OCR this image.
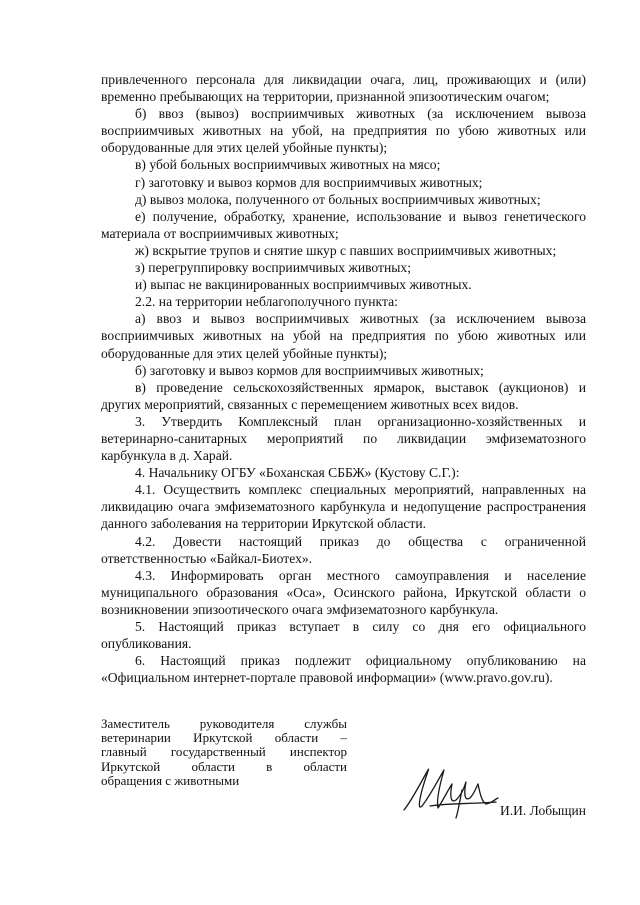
привлеченного персонала для ликвидации очага, лиц, проживающих и (или) временно пребывающих на территории, признанной эпизоотическим очагом;

б) ввоз (вывоз) восприимчивых животных (за исключением вывоза восприимчивых животных на убой, на предприятия по убою животных или оборудованные для этих целей убойные пункты);

в) убой больных восприимчивых животных на мясо;

г) заготовку и вывоз кормов для восприимчивых животных;

д) вывоз молока, полученного от больных восприимчивых животных;

е) получение, обработку, хранение, использование и вывоз генетического материала от восприимчивых животных;

ж) вскрытие трупов и снятие шкур с павших восприимчивых животных;

з) перегруппировку восприимчивых животных;

и) выпас не вакцинированных восприимчивых животных.

2.2. на территории неблагополучного пункта:

а) ввоз и вывоз восприимчивых животных (за исключением вывоза восприимчивых животных на убой на предприятия по убою животных или оборудованные для этих целей убойные пункты);

б) заготовку и вывоз кормов для восприимчивых животных;

в) проведение сельскохозяйственных ярмарок, выставок (аукционов) и других мероприятий, связанных с перемещением животных всех видов.

3. Утвердить Комплексный план организационно-хозяйственных и ветеринарно-санитарных мероприятий по ликвидации эмфизематозного карбункула в д. Харай.

4. Начальнику ОГБУ «Боханская СББЖ» (Кустову С.Г.):

4.1. Осуществить комплекс специальных мероприятий, направленных на ликвидацию очага эмфизематозного карбункула и недопущение распространения данного заболевания на территории Иркутской области.

4.2. Довести настоящий приказ до общества с ограниченной ответственностью «Байкал-Биотех».

4.3. Информировать орган местного самоуправления и население муниципального образования «Оса», Осинского района, Иркутской области о возникновении эпизоотического очага эмфизематозного карбункула.

5. Настоящий приказ вступает в силу со дня его официального опубликования.

6. Настоящий приказ подлежит официальному опубликованию на «Официальном интернет-портале правовой информации» (www.pravo.gov.ru).

Заместитель руководителя службы

ветеринарии Иркутской области –

главный государственный инспектор

Иркутской области в области

обращения с животными

И.И. Лобыщин
